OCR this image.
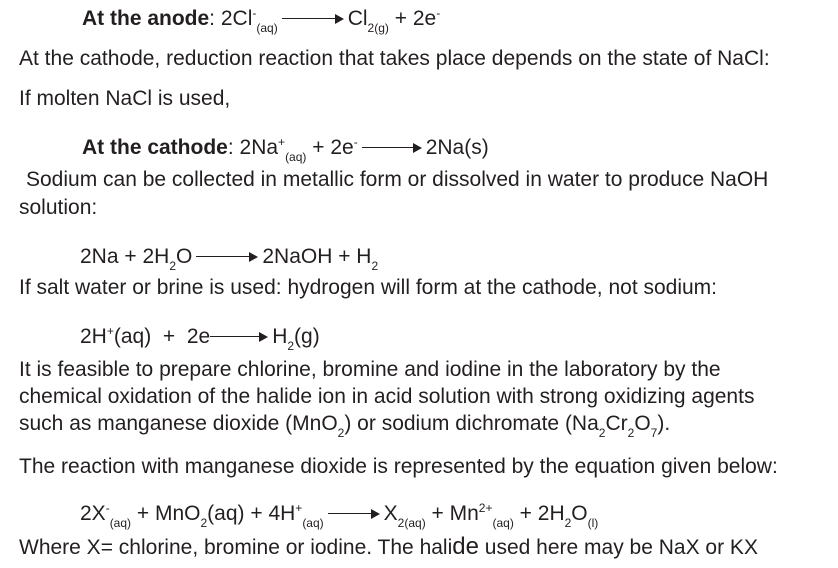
At the anode: $2Cl^-_{(aq)}$	$Cl_{2(g)} + 2e^-$
At the cathode, reduction reaction that takes place depends on the state of NaCl:
If molten NaCl is used,
At the cathode: $2Na^+_{(aq)} + 2e^-$	2Na(s)
Sodium can be collected in metallic form or dissolved in water to produce NaOH
solution:
$2Na + 2H_2O$	2NaOH + $H_2$
If salt water or brine is used: hydrogen will form at the cathode, not sodium:
2H+(aq)  +  2e	$H_2(g)$
It is feasible to prepare chlorine, bromine and iodine in the laboratory by the
chemical oxidation of the halide ion in acid solution with strong oxidizing agents
such as manganese dioxide (MnO$_2$) or sodium dichromate $(Na_2Cr_2O_7)$.
The reaction with manganese dioxide is represented by the equation given below:
$2X^-_{(aq)} + MnO_2(aq) + 4H^+_{(aq)}$	$X_{2(aq)} + Mn^{2+}_{(aq)} + 2H_2O_{(l)}$
Where X= chlorine, bromine or iodine. The halide used here may be NaX or KX
